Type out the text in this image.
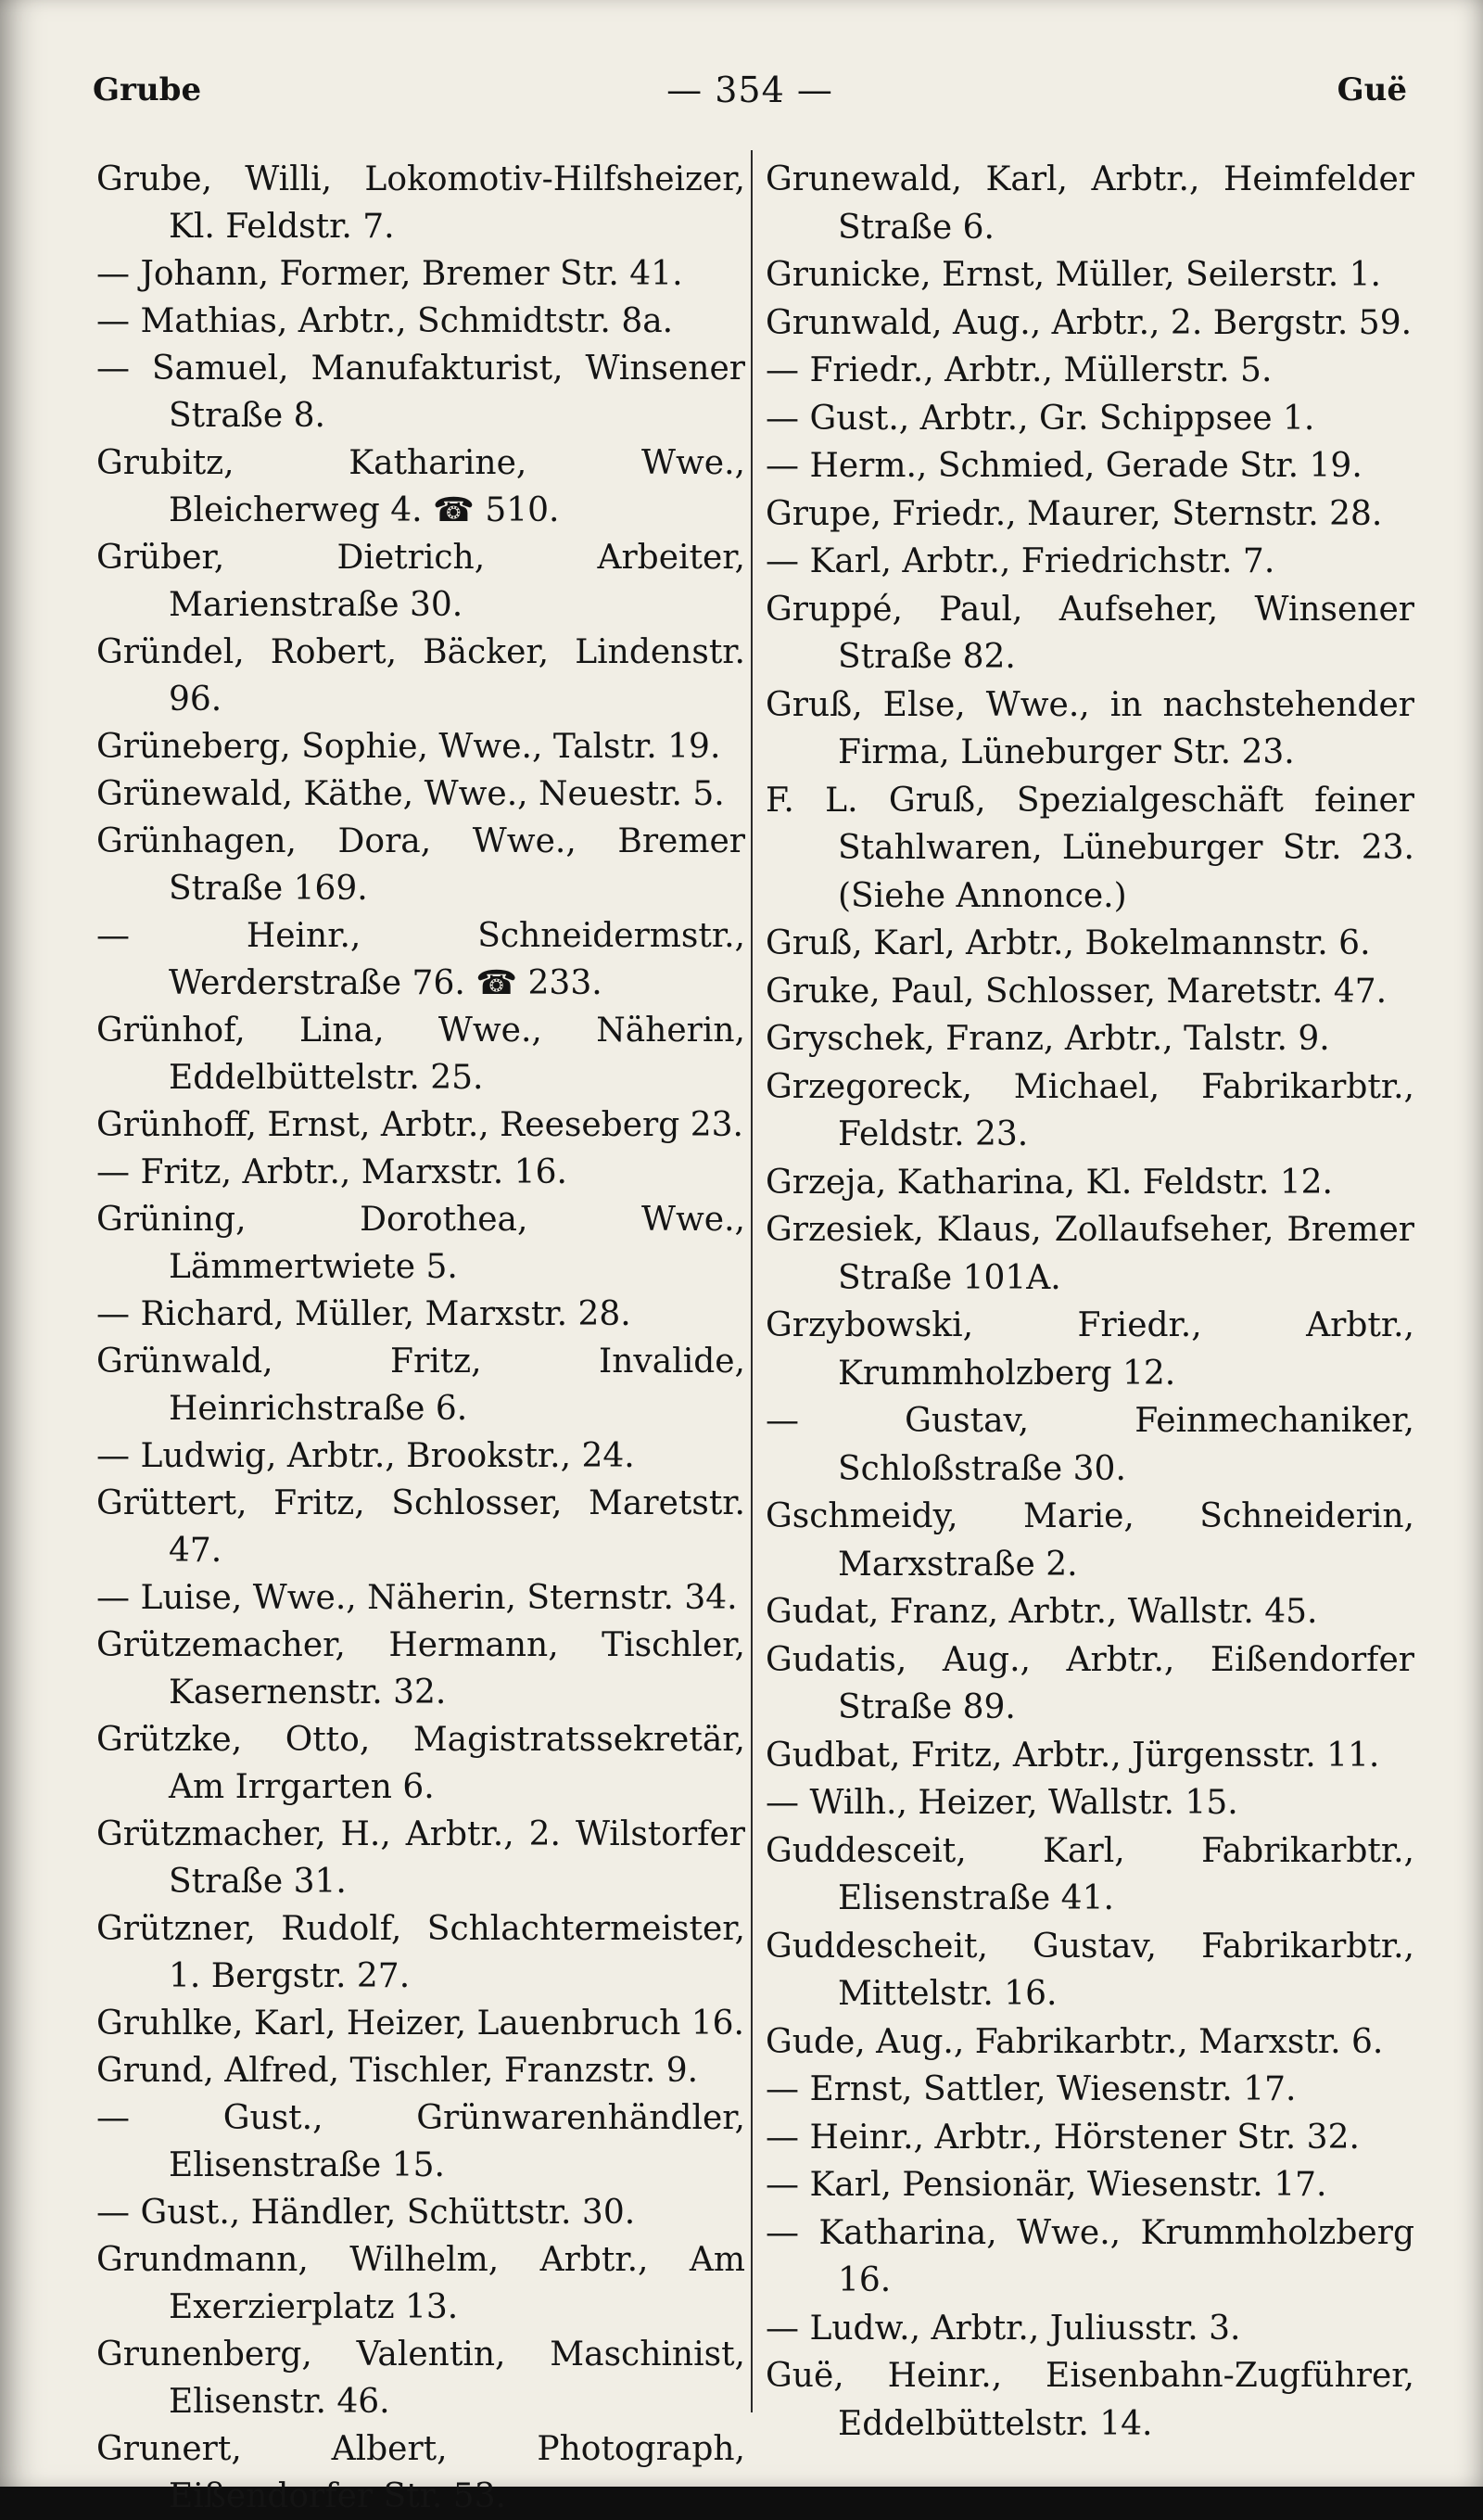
Grube	— 354 —	Guë

Grube, Willi, Lokomotiv-Hilfsheizer, Kl. Feldstr. 7.

— Johann, Former, Bremer Str. 41.

— Mathias, Arbtr., Schmidtstr. 8a.

— Samuel, Manufakturist, Winsener Straße 8.

Grubitz, Katharine, Wwe., Bleicherweg 4. ☎ 510.

Grüber, Dietrich, Arbeiter, Marienstraße 30.

Gründel, Robert, Bäcker, Lindenstr. 96.

Grüneberg, Sophie, Wwe., Talstr. 19.

Grünewald, Käthe, Wwe., Neuestr. 5.

Grünhagen, Dora, Wwe., Bremer Straße 169.

— Heinr., Schneidermstr., Werderstraße 76. ☎ 233.

Grünhof, Lina, Wwe., Näherin, Eddelbüttelstr. 25.

Grünhoff, Ernst, Arbtr., Reeseberg 23.

— Fritz, Arbtr., Marxstr. 16.

Grüning, Dorothea, Wwe., Lämmertwiete 5.

— Richard, Müller, Marxstr. 28.

Grünwald, Fritz, Invalide, Heinrichstraße 6.

— Ludwig, Arbtr., Brookstr., 24.

Grüttert, Fritz, Schlosser, Maretstr. 47.

— Luise, Wwe., Näherin, Sternstr. 34.

Grützemacher, Hermann, Tischler, Kasernenstr. 32.

Grützke, Otto, Magistratssekretär, Am Irrgarten 6.

Grützmacher, H., Arbtr., 2. Wilstorfer Straße 31.

Grützner, Rudolf, Schlachtermeister, 1. Bergstr. 27.

Gruhlke, Karl, Heizer, Lauenbruch 16.

Grund, Alfred, Tischler, Franzstr. 9.

— Gust., Grünwarenhändler, Elisenstraße 15.

— Gust., Händler, Schüttstr. 30.

Grundmann, Wilhelm, Arbtr., Am Exerzierplatz 13.

Grunenberg, Valentin, Maschinist, Elisenstr. 46.

Grunert, Albert, Photograph, Eißendorfer Str. 53.

Grunewald, Karl, Arbtr., Heimfelder Straße 6.

Grunicke, Ernst, Müller, Seilerstr. 1.

Grunwald, Aug., Arbtr., 2. Bergstr. 59.

— Friedr., Arbtr., Müllerstr. 5.

— Gust., Arbtr., Gr. Schippsee 1.

— Herm., Schmied, Gerade Str. 19.

Grupe, Friedr., Maurer, Sternstr. 28.

— Karl, Arbtr., Friedrichstr. 7.

Gruppé, Paul, Aufseher, Winsener Straße 82.

Gruß, Else, Wwe., in nachstehender Firma, Lüneburger Str. 23.

F. L. Gruß, Spezialgeschäft feiner Stahlwaren, Lüneburger Str. 23. (Siehe Annonce.)

Gruß, Karl, Arbtr., Bokelmannstr. 6.

Gruke, Paul, Schlosser, Maretstr. 47.

Gryschek, Franz, Arbtr., Talstr. 9.

Grzegoreck, Michael, Fabrikarbtr., Feldstr. 23.

Grzeja, Katharina, Kl. Feldstr. 12.

Grzesiek, Klaus, Zollaufseher, Bremer Straße 101A.

Grzybowski, Friedr., Arbtr., Krummholzberg 12.

— Gustav, Feinmechaniker, Schloßstraße 30.

Gschmeidy, Marie, Schneiderin, Marxstraße 2.

Gudat, Franz, Arbtr., Wallstr. 45.

Gudatis, Aug., Arbtr., Eißendorfer Straße 89.

Gudbat, Fritz, Arbtr., Jürgensstr. 11.

— Wilh., Heizer, Wallstr. 15.

Guddesceit, Karl, Fabrikarbtr., Elisenstraße 41.

Guddescheit, Gustav, Fabrikarbtr., Mittelstr. 16.

Gude, Aug., Fabrikarbtr., Marxstr. 6.

— Ernst, Sattler, Wiesenstr. 17.

— Heinr., Arbtr., Hörstener Str. 32.

— Karl, Pensionär, Wiesenstr. 17.

— Katharina, Wwe., Krummholzberg 16.

— Ludw., Arbtr., Juliusstr. 3.

Guë, Heinr., Eisenbahn-Zugführer, Eddelbüttelstr. 14.
